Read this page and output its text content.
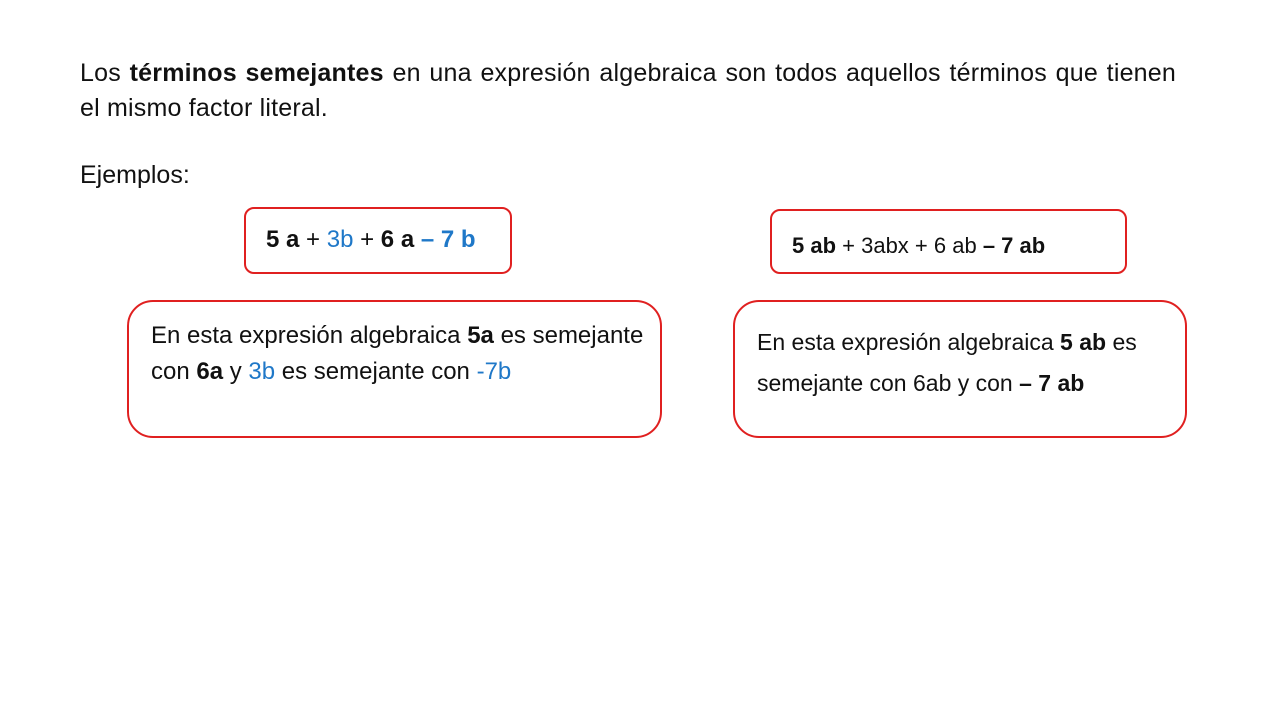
Los términos semejantes en una expresión algebraica son todos aquellos términos que tienen el mismo factor literal.
Ejemplos:
5 a + 3b + 6 a – 7 b	5 ab + 3abx + 6 ab – 7 ab
En esta expresión algebraica 5a es semejante con 6a y 3b es semejante con -7b
En esta expresión algebraica 5 ab es semejante con 6ab y con – 7 ab
